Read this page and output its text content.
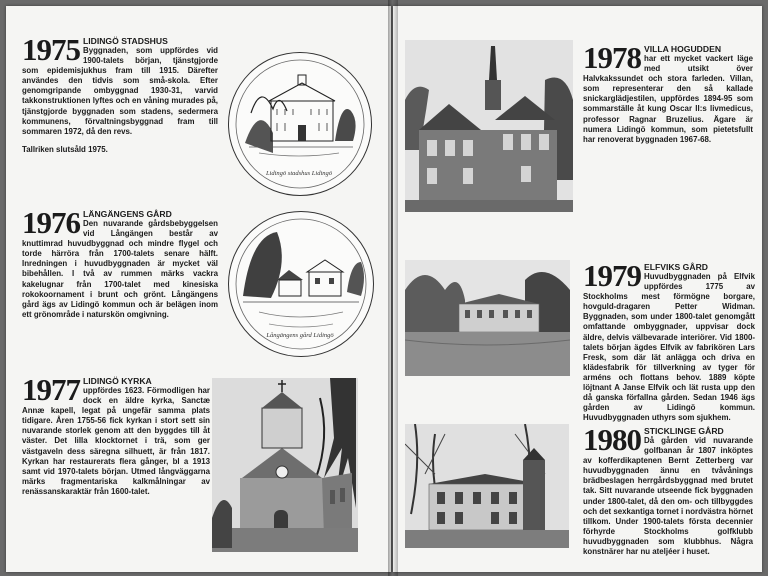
1975 LIDINGÖ STADSHUS
Byggnaden, som uppfördes vid 1900-talets början, tjänstgjorde som epidemisjukhus fram till 1915. Därefter användes den tidvis som små-skola. Efter genomgripande ombyggnad 1930-31, varvid takkonstruktionen lyftes och en våning murades på, tjänstgjorde byggnaden som stadens, sedermera kommunens, förvaltningsbyggnad fram till sommaren 1972, då den revs.
Tallriken slutsåld 1975.
Lidingö stadshus Lidingö
1976 LÄNGÄNGENS GÅRD
Den nuvarande gårdsbebyggelsen vid Långängen består av knuttimrad huvudbyggnad och mindre flygel och torde härröra från 1700-talets senare hälft. Inredningen i huvudbyggnaden är mycket väl bibehållen. I två av rummen märks vackra kakelugnar från 1700-talet med kinesiska rokokoornament i brunt och grönt. Långängens gård ägs av Lidingö kommun och är belägen inom ett grönområde i naturskön omgivning.
Långängens gård Lidingö
1977 LIDINGÖ KYRKA
uppfördes 1623. Förmodligen har dock en äldre kyrka, Sanctæ Annæ kapell, legat på ungefär samma plats tidigare. Åren 1755-56 fick kyrkan i stort sett sin nuvarande storlek genom att den byggdes till åt väster. Det lilla klocktornet i trä, som ger västgaveln dess säregna silhuett, är från 1817. Kyrkan har restaurerats flera gånger, bl a 1913 samt vid 1970-talets början. Utmed långväggarna märks fragmentariska kalkmålningar av renässanskaraktär från 1600-talet.
1978 VILLA HOGUDDEN
har ett mycket vackert läge med utsikt över Halvkakssundet och stora farleden. Villan, som representerar den så kallade snickarglädjestilen, uppfördes 1894-95 som sommarställe åt kung Oscar II:s livmedicus, professor Ragnar Bruzelius. Ägare är numera Lidingö kommun, som pietetsfullt har renoverat byggnaden 1967-68.
1979 ELFVIKS GÅRD
Huvudbyggnaden på Elfvik uppfördes 1775 av Stockholms mest förmögne borgare, hovguld-dragaren Petter Widman. Byggnaden, som under 1800-talet genomgått omfattande ombyggnader, uppvisar dock äldre, delvis välbevarade interiörer. Vid 1800-talets början ägdes Elfvik av fabrikören Lars Fresk, som där lät anlägga och driva en klädesfabrik för tillverkning av tyger för arméns och flottans behov. 1889 köpte löjtnant A Janse Elfvik och lät rusta upp den då ganska förfallna gården. Sedan 1946 ägs gården av Lidingö kommun. Huvudbyggnaden uthyrs som sjukhem.
1980 STICKLINGE GÅRD
Då gården vid nuvarande golfbanan år 1807 inköptes av kofferdikaptenen Bernt Zetterberg var huvudbyggnaden ännu en tvåvånings brädbeslagen herrgårdsbyggnad med brutet tak. Sitt nuvarande utseende fick byggnaden under 1800-talet, då den om- och tillbyggdes och det sexkantiga tornet i nordvästra hörnet tillkom. Under 1900-talets första decennier förhyrde Stockholms golfklubb huvudbyggnaden som klubbhus. Några konstnärer har nu ateljéer i huset.
